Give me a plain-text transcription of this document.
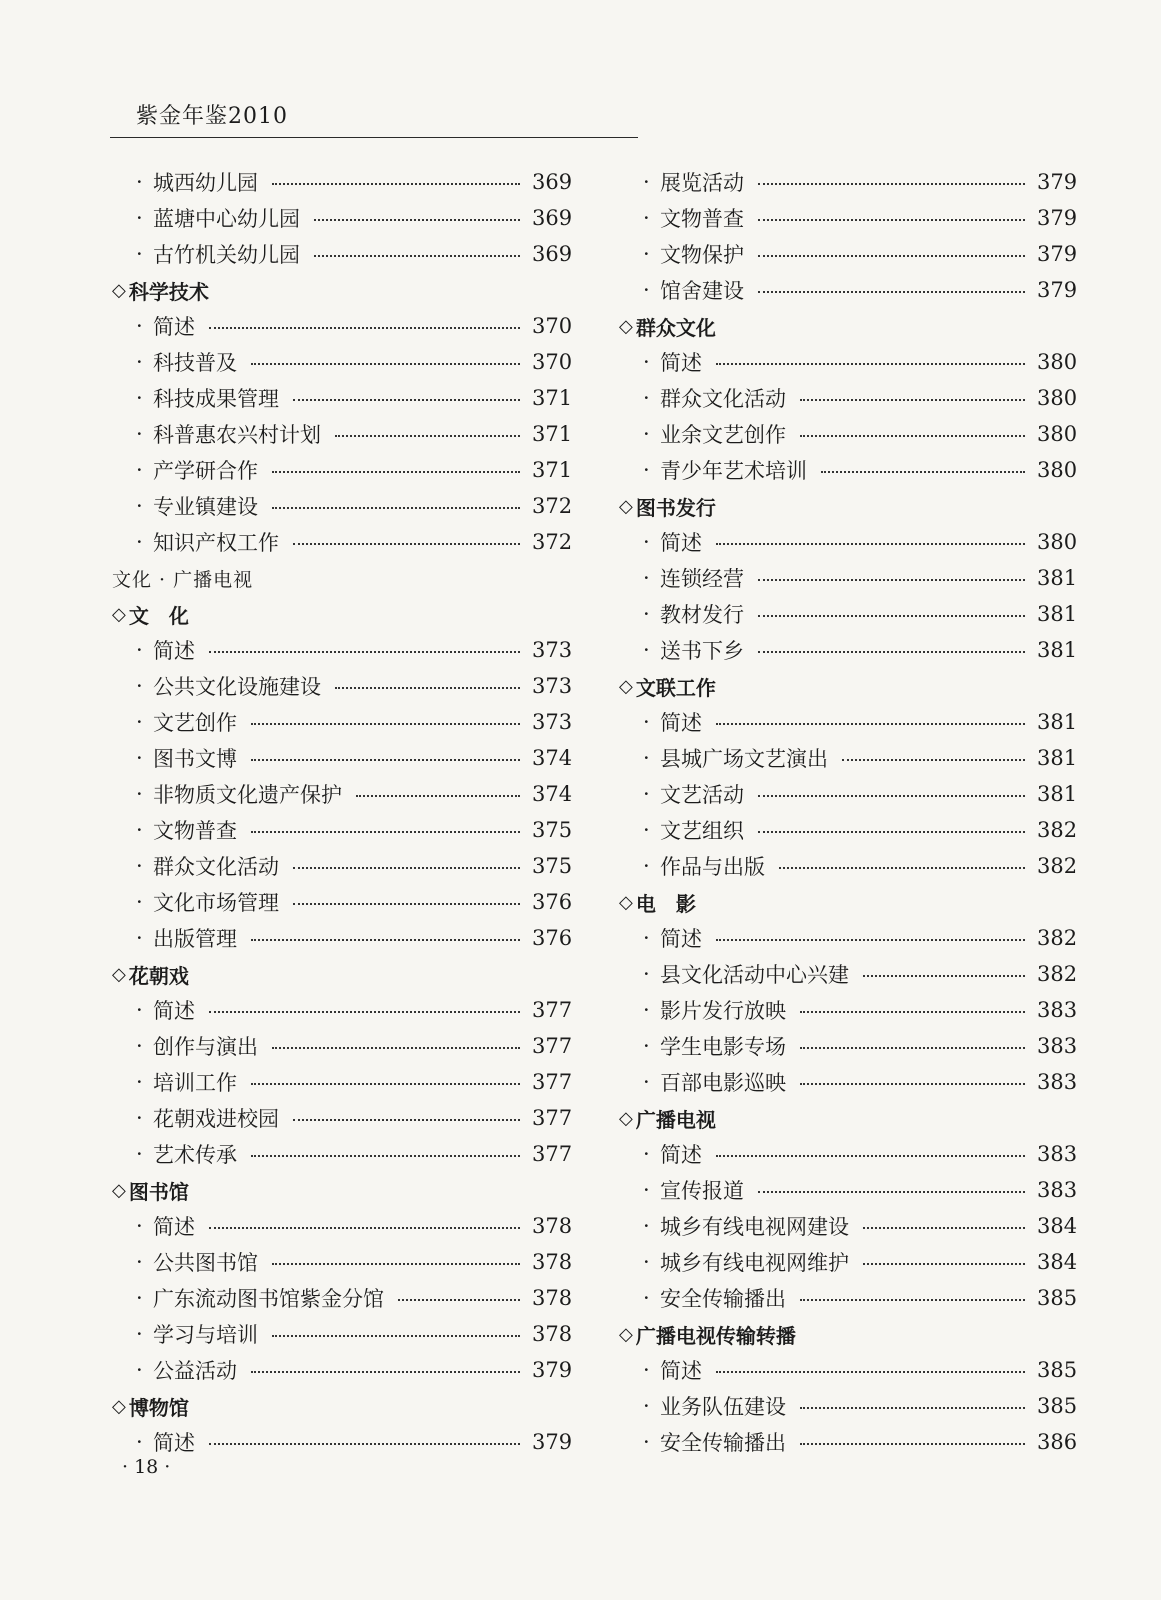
紫金年鉴2010
· 城西幼儿园	369
· 蓝塘中心幼儿园	369
· 古竹机关幼儿园	369
◇ 科学技术
· 简述	370
· 科技普及	370
· 科技成果管理	371
· 科普惠农兴村计划	371
· 产学研合作	371
· 专业镇建设	372
· 知识产权工作	372
文化 · 广播电视
◇ 文　化
· 简述	373
· 公共文化设施建设	373
· 文艺创作	373
· 图书文博	374
· 非物质文化遗产保护	374
· 文物普查	375
· 群众文化活动	375
· 文化市场管理	376
· 出版管理	376
◇ 花朝戏
· 简述	377
· 创作与演出	377
· 培训工作	377
· 花朝戏进校园	377
· 艺术传承	377
◇ 图书馆
· 简述	378
· 公共图书馆	378
· 广东流动图书馆紫金分馆	378
· 学习与培训	378
· 公益活动	379
◇ 博物馆
· 简述	379
· 展览活动	379
· 文物普查	379
· 文物保护	379
· 馆舍建设	379
◇ 群众文化
· 简述	380
· 群众文化活动	380
· 业余文艺创作	380
· 青少年艺术培训	380
◇ 图书发行
· 简述	380
· 连锁经营	381
· 教材发行	381
· 送书下乡	381
◇ 文联工作
· 简述	381
· 县城广场文艺演出	381
· 文艺活动	381
· 文艺组织	382
· 作品与出版	382
◇ 电　影
· 简述	382
· 县文化活动中心兴建	382
· 影片发行放映	383
· 学生电影专场	383
· 百部电影巡映	383
◇ 广播电视
· 简述	383
· 宣传报道	383
· 城乡有线电视网建设	384
· 城乡有线电视网维护	384
· 安全传输播出	385
◇ 广播电视传输转播
· 简述	385
· 业务队伍建设	385
· 安全传输播出	386
· 18 ·
